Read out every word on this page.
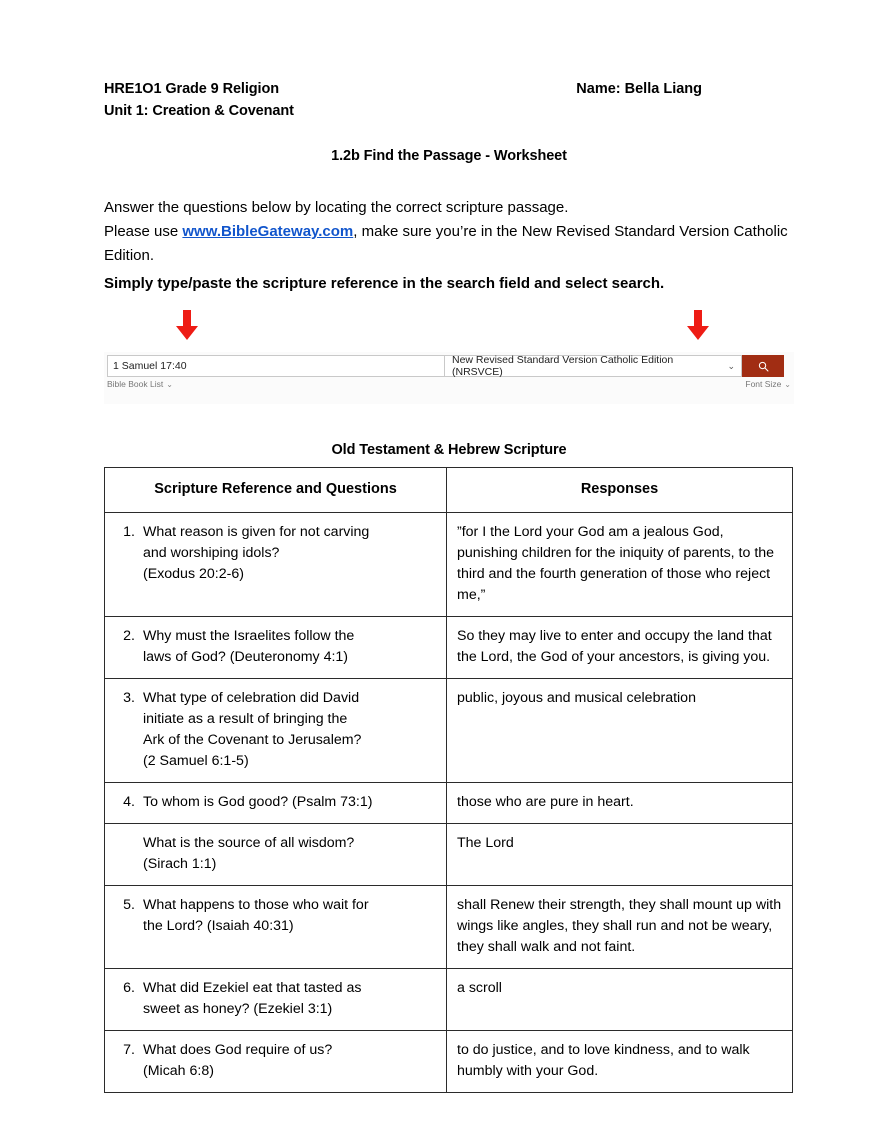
HRE1O1 Grade 9 Religion
Unit 1: Creation & Covenant
Name: Bella Liang
1.2b Find the Passage - Worksheet

Answer the questions below by locating the correct scripture passage.

Please use www.BibleGateway.com, make sure you’re in the New Revised Standard Version Catholic Edition.

Simply type/paste the scripture reference in the search field and select search.

1 Samuel 17:40
New Revised Standard Version Catholic Edition (NRSVCE)
⌄
Bible Book List ⌄	Font Size ⌄
Old Testament & Hebrew Scripture
Scripture Reference and Questions	Responses

1. What reason is given for not carving
and worshiping idols?
(Exodus 20:2-6)	”for I the Lord your God am a jealous God, punishing children for the iniquity of parents, to the third and the fourth generation of those who reject me,”

2. Why must the Israelites follow the
laws of God? (Deuteronomy 4:1)	So they may live to enter and occupy the land that the Lord, the God of your ancestors, is giving you.

3. What type of celebration did David
initiate as a result of bringing the
Ark of the Covenant to Jerusalem?
(2 Samuel 6:1-5)	public, joyous and musical celebration

4. To whom is God good? (Psalm 73:1)	those who are pure in heart.

What is the source of all wisdom?
(Sirach 1:1)	The Lord

5. What happens to those who wait for
the Lord? (Isaiah 40:31)	shall Renew their strength, they shall mount up with wings like angles, they shall run and not be weary, they shall walk and not faint.

6. What did Ezekiel eat that tasted as
sweet as honey? (Ezekiel 3:1)	a scroll

7. What does God require of us?
(Micah 6:8)	to do justice, and to love kindness, and to walk humbly with your God.
